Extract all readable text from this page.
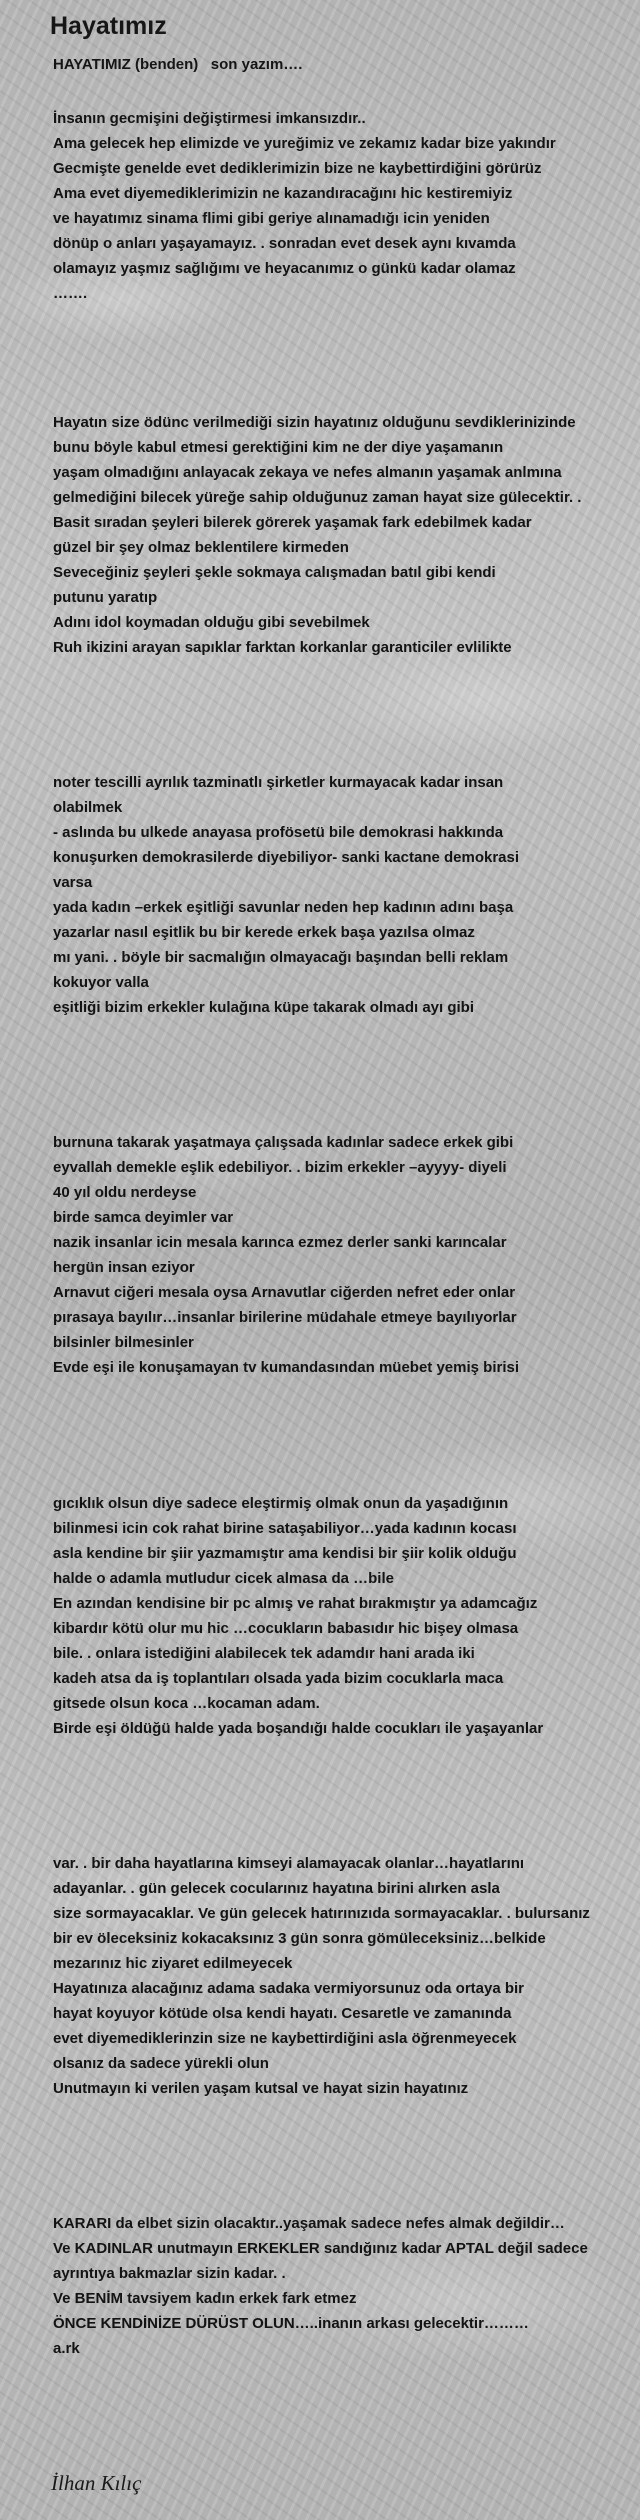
Hayatımız
HAYATIMIZ (benden)   son yazım….
İnsanın gecmişini değiştirmesi imkansızdır..
Ama gelecek hep elimizde ve yureğimiz ve zekamız kadar bize yakındır
Gecmişte genelde evet dediklerimizin bize ne kaybettirdiğini görürüz
Ama evet diyemediklerimizin ne kazandıracağını hic kestiremiyiz
ve hayatımız sinama flimi gibi geriye alınamadığı icin yeniden
dönüp o anları yaşayamayız. . sonradan evet desek aynı kıvamda
olamayız yaşmız sağlığımı ve heyacanımız o günkü kadar olamaz
…….
Hayatın size ödünc verilmediği sizin hayatınız olduğunu sevdiklerinizinde
bunu böyle kabul etmesi gerektiğini kim ne der diye yaşamanın
yaşam olmadığını anlayacak zekaya ve nefes almanın yaşamak anlmına
gelmediğini bilecek yüreğe sahip olduğunuz zaman hayat size gülecektir. .
Basit sıradan şeyleri bilerek görerek yaşamak fark edebilmek kadar
güzel bir şey olmaz beklentilere kirmeden
Seveceğiniz şeyleri şekle sokmaya calışmadan batıl gibi kendi
putunu yaratıp
Adını idol koymadan olduğu gibi sevebilmek
Ruh ikizini arayan sapıklar farktan korkanlar garanticiler evlilikte
noter tescilli ayrılık tazminatlı şirketler kurmayacak kadar insan
olabilmek
- aslında bu ulkede anayasa profösetü bile demokrasi hakkında
konuşurken demokrasilerde diyebiliyor- sanki kactane demokrasi
varsa
yada kadın –erkek eşitliği savunlar neden hep kadının adını başa
yazarlar nasıl eşitlik bu bir kerede erkek başa yazılsa olmaz
mı yani. . böyle bir sacmalığın olmayacağı başından belli reklam
kokuyor valla
eşitliği bizim erkekler kulağına küpe takarak olmadı ayı gibi
burnuna takarak yaşatmaya çalışsada kadınlar sadece erkek gibi
eyvallah demekle eşlik edebiliyor. . bizim erkekler –ayyyy- diyeli
40 yıl oldu nerdeyse
birde samca deyimler var
nazik insanlar icin mesala karınca ezmez derler sanki karıncalar
hergün insan eziyor
Arnavut ciğeri mesala oysa Arnavutlar ciğerden nefret eder onlar
pırasaya bayılır…insanlar birilerine müdahale etmeye bayılıyorlar
bilsinler bilmesinler
Evde eşi ile konuşamayan tv kumandasından müebet yemiş birisi
gıcıklık olsun diye sadece eleştirmiş olmak onun da yaşadığının
bilinmesi icin cok rahat birine sataşabiliyor…yada kadının kocası
asla kendine bir şiir yazmamıştır ama kendisi bir şiir kolik olduğu
halde o adamla mutludur cicek almasa da …bile
En azından kendisine bir pc almış ve rahat bırakmıştır ya adamcağız
kibardır kötü olur mu hic …cocukların babasıdır hic bişey olmasa
bile. . onlara istediğini alabilecek tek adamdır hani arada iki
kadeh atsa da iş toplantıları olsada yada bizim cocuklarla maca
gitsede olsun koca …kocaman adam.
Birde eşi öldüğü halde yada boşandığı halde cocukları ile yaşayanlar
var. . bir daha hayatlarına kimseyi alamayacak olanlar…hayatlarını
adayanlar. . gün gelecek cocularınız hayatına birini alırken asla
size sormayacaklar. Ve gün gelecek hatırınızıda sormayacaklar. . bulursanız
bir ev öleceksiniz kokacaksınız 3 gün sonra gömüleceksiniz…belkide
mezarınız hic ziyaret edilmeyecek
Hayatınıza alacağınız adama sadaka vermiyorsunuz oda ortaya bir
hayat koyuyor kötüde olsa kendi hayatı. Cesaretle ve zamanında
evet diyemediklerinzin size ne kaybettirdiğini asla öğrenmeyecek
olsanız da sadece yürekli olun
Unutmayın ki verilen yaşam kutsal ve hayat sizin hayatınız
KARARI da elbet sizin olacaktır..yaşamak sadece nefes almak değildir…
Ve KADINLAR unutmayın ERKEKLER sandığınız kadar APTAL değil sadece
ayrıntıya bakmazlar sizin kadar. .
Ve BENİM tavsiyem kadın erkek fark etmez
ÖNCE KENDİNİZE DÜRÜST OLUN…..inanın arkası gelecektir………
a.rk
İlhan Kılıç
